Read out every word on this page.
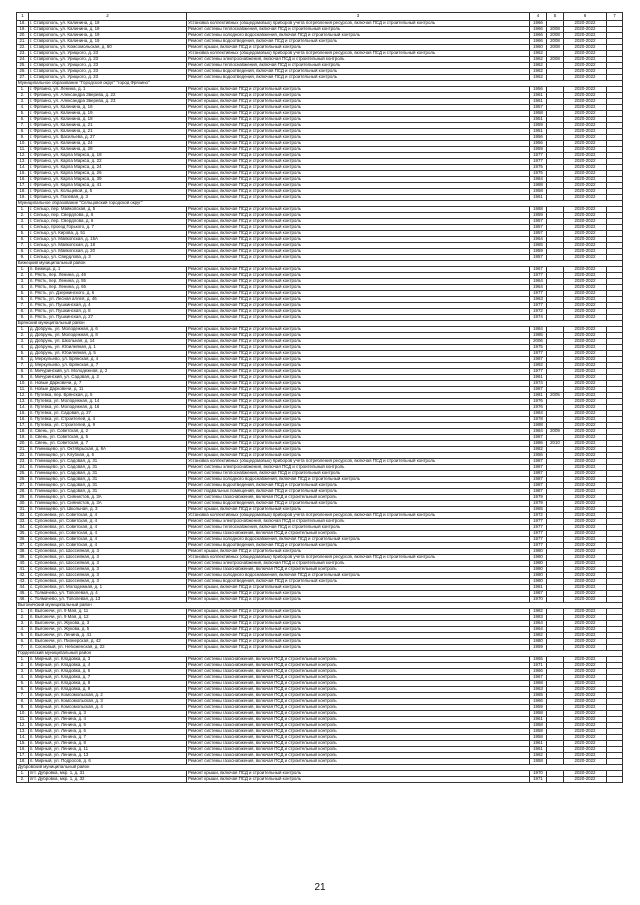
1	2	3	4	5	6	7
18.	г. Ставрополь, ул. Калинина, д. 19	Установка коллективных (общедомовых) приборов учета потребления ресурсов, включая ПСД и строительный контроль	1966		2020-2022	
19.	г. Ставрополь, ул. Калинина, д. 19	Ремонт системы теплоснабжения, включая ПСД и строительный контроль	1966	2008	2020-2022	
20.	г. Ставрополь, ул. Калинина, д. 19	Ремонт системы холодного водоснабжения, включая ПСД и строительный контроль	1966	2008	2020-2022	
21.	г. Ставрополь, ул. Калинина, д. 19	Ремонт системы водоотведения, включая ПСД и строительный контроль	1966	2008	2020-2022	
22.	г. Ставрополь, ул. Комсомольская, д. 60	Ремонт крыши, включая ПСД и строительный контроль	1960	2008	2020-2022	
23.	г. Ставрополь, ул. Урицкого, д. 23	Установка коллективных (общедомовых) приборов учета потребления ресурсов, включая ПСД и строительный контроль	1962		2020-2022	
24.	г. Ставрополь, ул. Урицкого, д. 23	Ремонт системы электроснабжения, включая ПСД и строительный контроль	1962	2008	2020-2022	
25.	г. Ставрополь, ул. Урицкого, д. 23	Ремонт системы теплоснабжения, включая ПСД и строительный контроль	1962		2020-2022	
26.	г. Ставрополь, ул. Урицкого, д. 23	Ремонт системы водоотведения, включая ПСД и строительный контроль	1962		2020-2022	
27.	г. Ставрополь, ул. Урицкого, д. 23	Ремонт системы водоотведения, включая ПСД и строительный контроль	1962		2020-2022	
Муниципальное образование "Городской округ" "город Фрязино"						
1.	г. Фрязино, ул. Ленина, д. 1	Ремонт крыши, включая ПСД и строительный контроль	1956		2020-2022	
2.	г. Фрязино, ул. Александра Зверева, д. 22	Ремонт крыши, включая ПСД и строительный контроль	1961		2020-2022	
3.	г. Фрязино, ул. Александра Зверева, д. 23	Ремонт крыши, включая ПСД и строительный контроль	1961		2020-2022	
4.	г. Фрязино, ул. Калинина, д. 16	Ремонт крыши, включая ПСД и строительный контроль	1957		2020-2022	
5.	г. Фрязино, ул. Калинина, д. 19	Ремонт крыши, включая ПСД и строительный контроль	1958		2020-2022	
6.	г. Фрязино, ул. Калинина, д. 18	Ремонт крыши, включая ПСД и строительный контроль	1951		2020-2022	
7.	г. Фрязино, ул. Калинина, д. 21	Ремонт крыши, включая ПСД и строительный контроль	1959		2020-2022	
8.	г. Фрязино, ул. Калинина, д. 21	Ремонт крыши, включая ПСД и строительный контроль	1951		2020-2022	
9.	г. Фрязино, ул. Васильева, д. 27	Ремонт крыши, включая ПСД и строительный контроль	1956		2020-2022	
10.	г. Фрязино, ул. Калинина, д. 24	Ремонт крыши, включая ПСД и строительный контроль	1956		2020-2022	
11.	г. Фрязино, ул. Калинина, д. 28	Ремонт крыши, включая ПСД и строительный контроль	1959		2020-2022	
12.	г. Фрязино, ул. Карла Маркса, д. 18	Ремонт крыши, включая ПСД и строительный контроль	1977		2020-2022	
13.	г. Фрязино, ул. Карла Маркса, д. 22	Ремонт крыши, включая ПСД и строительный контроль	1977		2020-2022	
14.	г. Фрязино, ул. Карла Маркса, д. 24	Ремонт крыши, включая ПСД и строительный контроль	1975		2020-2022	
15.	г. Фрязино, ул. Карла Маркса, д. 26	Ремонт крыши, включая ПСД и строительный контроль	1975		2020-2022	
16.	г. Фрязино, ул. Карла Маркса, д. 39	Ремонт крыши, включая ПСД и строительный контроль	1984		2020-2022	
17.	г. Фрязино, ул. Карла Маркса, д. 41	Ремонт крыши, включая ПСД и строительный контроль	1988		2020-2022	
18.	г. Фрязино, ул. Кольцевой, д. 5	Ремонт крыши, включая ПСД и строительный контроль	1958		2020-2022	
19.	г. Фрязино, ул. Полевая, д. 3	Ремонт крыши, включая ПСД и строительный контроль	1961		2020-2022	
Муниципальное образование "Сельцовский городской округ"						
1.	г. Сельцо, пер. Майкопская, д. 5	Ремонт крыши, включая ПСД и строительный контроль	1988		2020-2022	
2.	г. Сельцо, пер. Свердлова, д. 6	Ремонт крыши, включая ПСД и строительный контроль	1959		2020-2022	
3.	г. Сельцо, пер. Свердлова, д. 6	Ремонт крыши, включая ПСД и строительный контроль	1957		2020-2022	
4.	г. Сельцо, проезд Горького, д. 7	Ремонт крыши, включая ПСД и строительный контроль	1957		2020-2022	
5.	г. Сельцо, ул. Кирова, д. 51	Ремонт крыши, включая ПСД и строительный контроль	1957		2020-2022	
6.	г. Сельцо, ул. Майкопская, д. 15А	Ремонт крыши, включая ПСД и строительный контроль	1964		2020-2022	
7.	г. Сельцо, ул. Майкопская, д. 18	Ремонт крыши, включая ПСД и строительный контроль	1965		2020-2022	
8.	г. Сельцо, ул. Майкопская, д. 20	Ремонт крыши, включая ПСД и строительный контроль	1959		2020-2022	
9.	г. Сельцо, ул. Свердлова, д. 3	Ремонт крыши, включая ПСД и строительный контроль	1957		2020-2022	
Бежецкий муниципальный район						
1.	п. Бежица, д. 1	Ремонт крыши, включая ПСД и строительный контроль	1967		2020-2022	
2.	п. Рясть, пер. Ленина, д. 49	Ремонт крыши, включая ПСД и строительный контроль	1977		2020-2022	
3.	п. Рясть, пер. Ленина, д. 55	Ремонт крыши, включая ПСД и строительный контроль	1964		2020-2022	
4.	п. Рясть, пер. Ленина, д. 65	Ремонт крыши, включая ПСД и строительный контроль	1964		2020-2022	
5.	п. Рясть, ул. Дзержинского, д. 6	Ремонт крыши, включая ПСД и строительный контроль	1977		2020-2022	
6.	п. Рясть, ул. Лесная аллея, д. 46	Ремонт крыши, включая ПСД и строительный контроль	1963		2020-2022	
7.	п. Рясть, ул. Пушкинская, д. 4	Ремонт крыши, включая ПСД и строительный контроль	1977		2020-2022	
8.	п. Рясть, ул. Пушкинская, д. 8	Ремонт крыши, включая ПСД и строительный контроль	1972		2020-2022	
9.	п. Рясть, ул. Пушкинская, д. 27	Ремонт крыши, включая ПСД и строительный контроль	1974		2020-2022	
Брянский муниципальный район						
1.	д. Добрунь, ул. Молодежная, д. 6	Ремонт крыши, включая ПСД и строительный контроль	1984		2020-2022	
2.	д. Добрунь, ул. Молодежная, д. 8	Ремонт крыши, включая ПСД и строительный контроль	1985		2020-2022	
3.	д. Добрунь, ул. Школьная, д. 14	Ремонт крыши, включая ПСД и строительный контроль	2006		2020-2022	
4.	д. Добрунь, ул. Юбилейная, д. 1	Ремонт крыши, включая ПСД и строительный контроль	1975		2020-2022	
5.	д. Добрунь, ул. Юбилейная, д. 5	Ремонт крыши, включая ПСД и строительный контроль	1977		2020-2022	
6.	д. Меркульево, ул. Брянская, д. 4	Ремонт крыши, включая ПСД и строительный контроль	1987		2020-2022	
7.	д. Меркульево, ул. Брянская, д. 7	Ремонт крыши, включая ПСД и строительный контроль	1992		2020-2022	
8.	п. Мичуринский, ул. Молодежная, д. 2	Ремонт крыши, включая ПСД и строительный контроль	1977		2020-2022	
9.	п. Мичуринский, ул. Садовая, д. 2	Ремонт крыши, включая ПСД и строительный контроль	1961		2020-2022	
10.	п. Новые Дарковичи, д. 7	Ремонт крыши, включая ПСД и строительный контроль	1974		2020-2022	
11.	п. Новые Дарковичи, д. 11	Ремонт крыши, включая ПСД и строительный контроль	1987		2020-2022	
12.	п. Путевка, пер. Брянская, д. 5	Ремонт крыши, включая ПСД и строительный контроль	1981	2005	2020-2022	
13.	п. Путевка, ул. Молодежная, д. 14	Ремонт крыши, включая ПСД и строительный контроль	1976		2020-2022	
14.	п. Путевка, ул. Молодежная, д. 16	Ремонт крыши, включая ПСД и строительный контроль	1976		2020-2022	
15.	п. Путевка, ул. Садовая, д. 27	Ремонт крыши, включая ПСД и строительный контроль	1984		2020-2022	
16.	п. Путевка, ул. Строителей, д. 4	Ремонт крыши, включая ПСД и строительный контроль	1978		2020-2022	
17.	п. Путевка, ул. Строителей, д. 9	Ремонт крыши, включая ПСД и строительный контроль	1988		2020-2022	
18.	п. Свень, ул. Советская, д. 2	Ремонт крыши, включая ПСД и строительный контроль	1984	2009	2020-2022	
19.	п. Свень, ул. Советская, д. 5	Ремонт крыши, включая ПСД и строительный контроль	1987		2020-2022	
20.	п. Свень, ул. Советская, д. 7	Ремонт крыши, включая ПСД и строительный контроль	1986	2010	2020-2022	
21.	п. Глинищево, ул. Октябрьская, д. 8А	Ремонт крыши, включая ПСД и строительный контроль	1982		2020-2022	
22.	п. Глинищево, ул. Клубная, д. 6	Ремонт крыши, включая ПСД и строительный контроль	1956		2020-2022	
23.	п. Глинищево, ул. Садовая, д. 31	Установка коллективных (общедомовых) приборов учета потребления ресурсов, включая ПСД и строительный контроль	1987		2020-2022	
24.	п. Глинищево, ул. Садовая, д. 31	Ремонт системы электроснабжения, включая ПСД и строительный контроль	1987		2020-2022	
25.	п. Глинищево, ул. Садовая, д. 31	Ремонт системы теплоснабжения, включая ПСД и строительный контроль	1987		2020-2022	
26.	п. Глинищево, ул. Садовая, д. 31	Ремонт системы холодного водоснабжения, включая ПСД и строительный контроль	1987		2020-2022	
27.	п. Глинищево, ул. Садовая, д. 31	Ремонт системы водоотведения, включая ПСД и строительный контроль	1987		2020-2022	
28.	п. Глинищево, ул. Садовая, д. 31	Ремонт подвальных помещений, включая ПСД и строительный контроль	1987		2020-2022	
29.	п. Глинищево, ул. Сиянистов, д. 3А	Ремонт системы газоснабжения, включая ПСД и строительный контроль	1979		2020-2022	
30.	п. Глинищево, ул. Сиянистов, д. 3А	Ремонт системы водоотведения, включая ПСД и строительный контроль	1979		2020-2022	
31.	п. Глинищево, ул. Школьная, д. 3	Ремонт крыши, включая ПСД и строительный контроль	1965		2020-2022	
32.	с. Супоневка, ул. Советская, д. 4	Установка коллективных (общедомовых) приборов учета потребления ресурсов, включая ПСД и строительный контроль	1972		2020-2022	
33.	с. Супоневка, ул. Советская, д. 4	Ремонт системы электроснабжения, включая ПСД и строительный контроль	1977		2020-2022	
34.	с. Супоневка, ул. Советская, д. 4	Ремонт системы теплоснабжения, включая ПСД и строительный контроль	1977		2020-2022	
35.	с. Супоневка, ул. Советская, д. 4	Ремонт системы газоснабжения, включая ПСД и строительный контроль	1977		2020-2022	
36.	с. Супоневка, ул. Советская, д. 4	Ремонт системы холодного водоснабжения, включая ПСД и строительный контроль	1977		2020-2022	
37.	с. Супоневка, ул. Советская, д. 4	Ремонт системы водоотведения, включая ПСД и строительный контроль	1977		2020-2022	
38.	с. Супоневка, ул. Шоссейная, д. 3	Ремонт крыши, включая ПСД и строительный контроль	1980		2020-2022	
39.	с. Супоневка, ул. Шоссейная, д. 3	Установка коллективных (общедомовых) приборов учета потребления ресурсов, включая ПСД и строительный контроль	1980		2020-2022	
40.	с. Супоневка, ул. Шоссейная, д. 3	Ремонт системы электроснабжения, включая ПСД и строительный контроль	1980		2020-2022	
41.	с. Супоневка, ул. Шоссейная, д. 3	Ремонт системы газоснабжения, включая ПСД и строительный контроль	1980		2020-2022	
42.	с. Супоневка, ул. Шоссейная, д. 3	Ремонт системы холодного водоснабжения, включая ПСД и строительный контроль	1980		2020-2022	
43.	с. Супоневка, ул. Шоссейная, д. 3	Ремонт системы водоотведения, включая ПСД и строительный контроль	1980		2020-2022	
44.	с. Супоневка, ул. Молодежная, д. 1	Ремонт крыши, включая ПСД и строительный контроль	1981		2020-2022	
45.	с. Толмачево, ул. Тополевая, д. 4	Ремонт крыши, включая ПСД и строительный контроль	1987		2020-2022	
46.	с. Толмачево, ул. Тополевая, д. 13	Ремонт крыши, включая ПСД и строительный контроль	1970		2020-2022	
Выгоничский муниципальный район						
1.	п. Выгоничи, ул. 9 Мая, д. 11	Ремонт крыши, включая ПСД и строительный контроль	1982		2020-2022	
2.	п. Выгоничи, ул. 9 Мая, д. 12	Ремонт крыши, включая ПСД и строительный контроль	1983		2020-2022	
3.	п. Выгоничи, ул. Жукова, д. 3	Ремонт крыши, включая ПСД и строительный контроль	1964		2020-2022	
4.	п. Выгоничи, ул. Жукова, д. 5	Ремонт крыши, включая ПСД и строительный контроль	1964		2020-2022	
5.	п. Выгоничи, ул. Ленина, д. 41	Ремонт крыши, включая ПСД и строительный контроль	1982		2020-2022	
6.	п. Выгоничи, ул. Пионерская, д. 42	Ремонт крыши, включая ПСД и строительный контроль	1980		2020-2022	
7.	п. Сосновый, ул. Небоженская, д. 22	Ремонт крыши, включая ПСД и строительный контроль	1959		2020-2022	
Гордеевский муниципальный район						
1.	п. Мирный, ул. Кладовка, д. 3	Ремонт системы газоснабжения, включая ПСД и строительный контроль	1965		2020-2022	
2.	п. Мирный, ул. Кладовка, д. 4	Ремонт системы газоснабжения, включая ПСД и строительный контроль	1971		2020-2022	
3.	п. Мирный, ул. Кладовка, д. 6	Ремонт системы газоснабжения, включая ПСД и строительный контроль	1966		2020-2022	
4.	п. Мирный, ул. Кладовка, д. 7	Ремонт системы газоснабжения, включая ПСД и строительный контроль	1967		2020-2022	
5.	п. Мирный, ул. Кладовка, д. 8	Ремонт системы газоснабжения, включая ПСД и строительный контроль	1968		2020-2022	
6.	п. Мирный, ул. Кладовка, д. 9	Ремонт системы газоснабжения, включая ПСД и строительный контроль	1963		2020-2022	
7.	п. Мирный, ул. Комсомольская, д. 2	Ремонт системы газоснабжения, включая ПСД и строительный контроль	1965		2020-2022	
8.	п. Мирный, ул. Комсомольская, д. 3	Ремонт системы газоснабжения, включая ПСД и строительный контроль	1966		2020-2022	
9.	п. Мирный, ул. Комсомольская, д. 4	Ремонт системы газоснабжения, включая ПСД и строительный контроль	1959		2020-2022	
10.	п. Мирный, ул. Ленина, д. 3	Ремонт системы газоснабжения, включая ПСД и строительный контроль	1958		2020-2022	
11.	п. Мирный, ул. Ленина, д. 4	Ремонт системы газоснабжения, включая ПСД и строительный контроль	1961		2020-2022	
12.	п. Мирный, ул. Ленина, д. 5	Ремонт системы газоснабжения, включая ПСД и строительный контроль	1958		2020-2022	
13.	п. Мирный, ул. Ленина, д. 6	Ремонт системы газоснабжения, включая ПСД и строительный контроль	1958		2020-2022	
14.	п. Мирный, ул. Ленина, д. 7	Ремонт системы газоснабжения, включая ПСД и строительный контроль	1958		2020-2022	
15.	п. Мирный, ул. Ленина, д. 8	Ремонт системы газоснабжения, включая ПСД и строительный контроль	1961		2020-2022	
16.	п. Мирный, ул. Ленина, д. 11	Ремонт системы газоснабжения, включая ПСД и строительный контроль	1961		2020-2022	
17.	п. Мирный, ул. Ленина, д. 13	Ремонт системы газоснабжения, включая ПСД и строительный контроль	1962		2020-2022	
18.	п. Мирный, ул. Подросов, д. 6	Ремонт системы газоснабжения, включая ПСД и строительный контроль	1958		2020-2022	
Дубровский муниципальный район						
1.	пгт. Дубровка, мкр. 1, д. 31	Ремонт крыши, включая ПСД и строительный контроль	1970		2020-2022	
2.	пгт. Дубровка, мкр. 1, д. 32	Ремонт крыши, включая ПСД и строительный контроль	1971		2020-2022	
21
